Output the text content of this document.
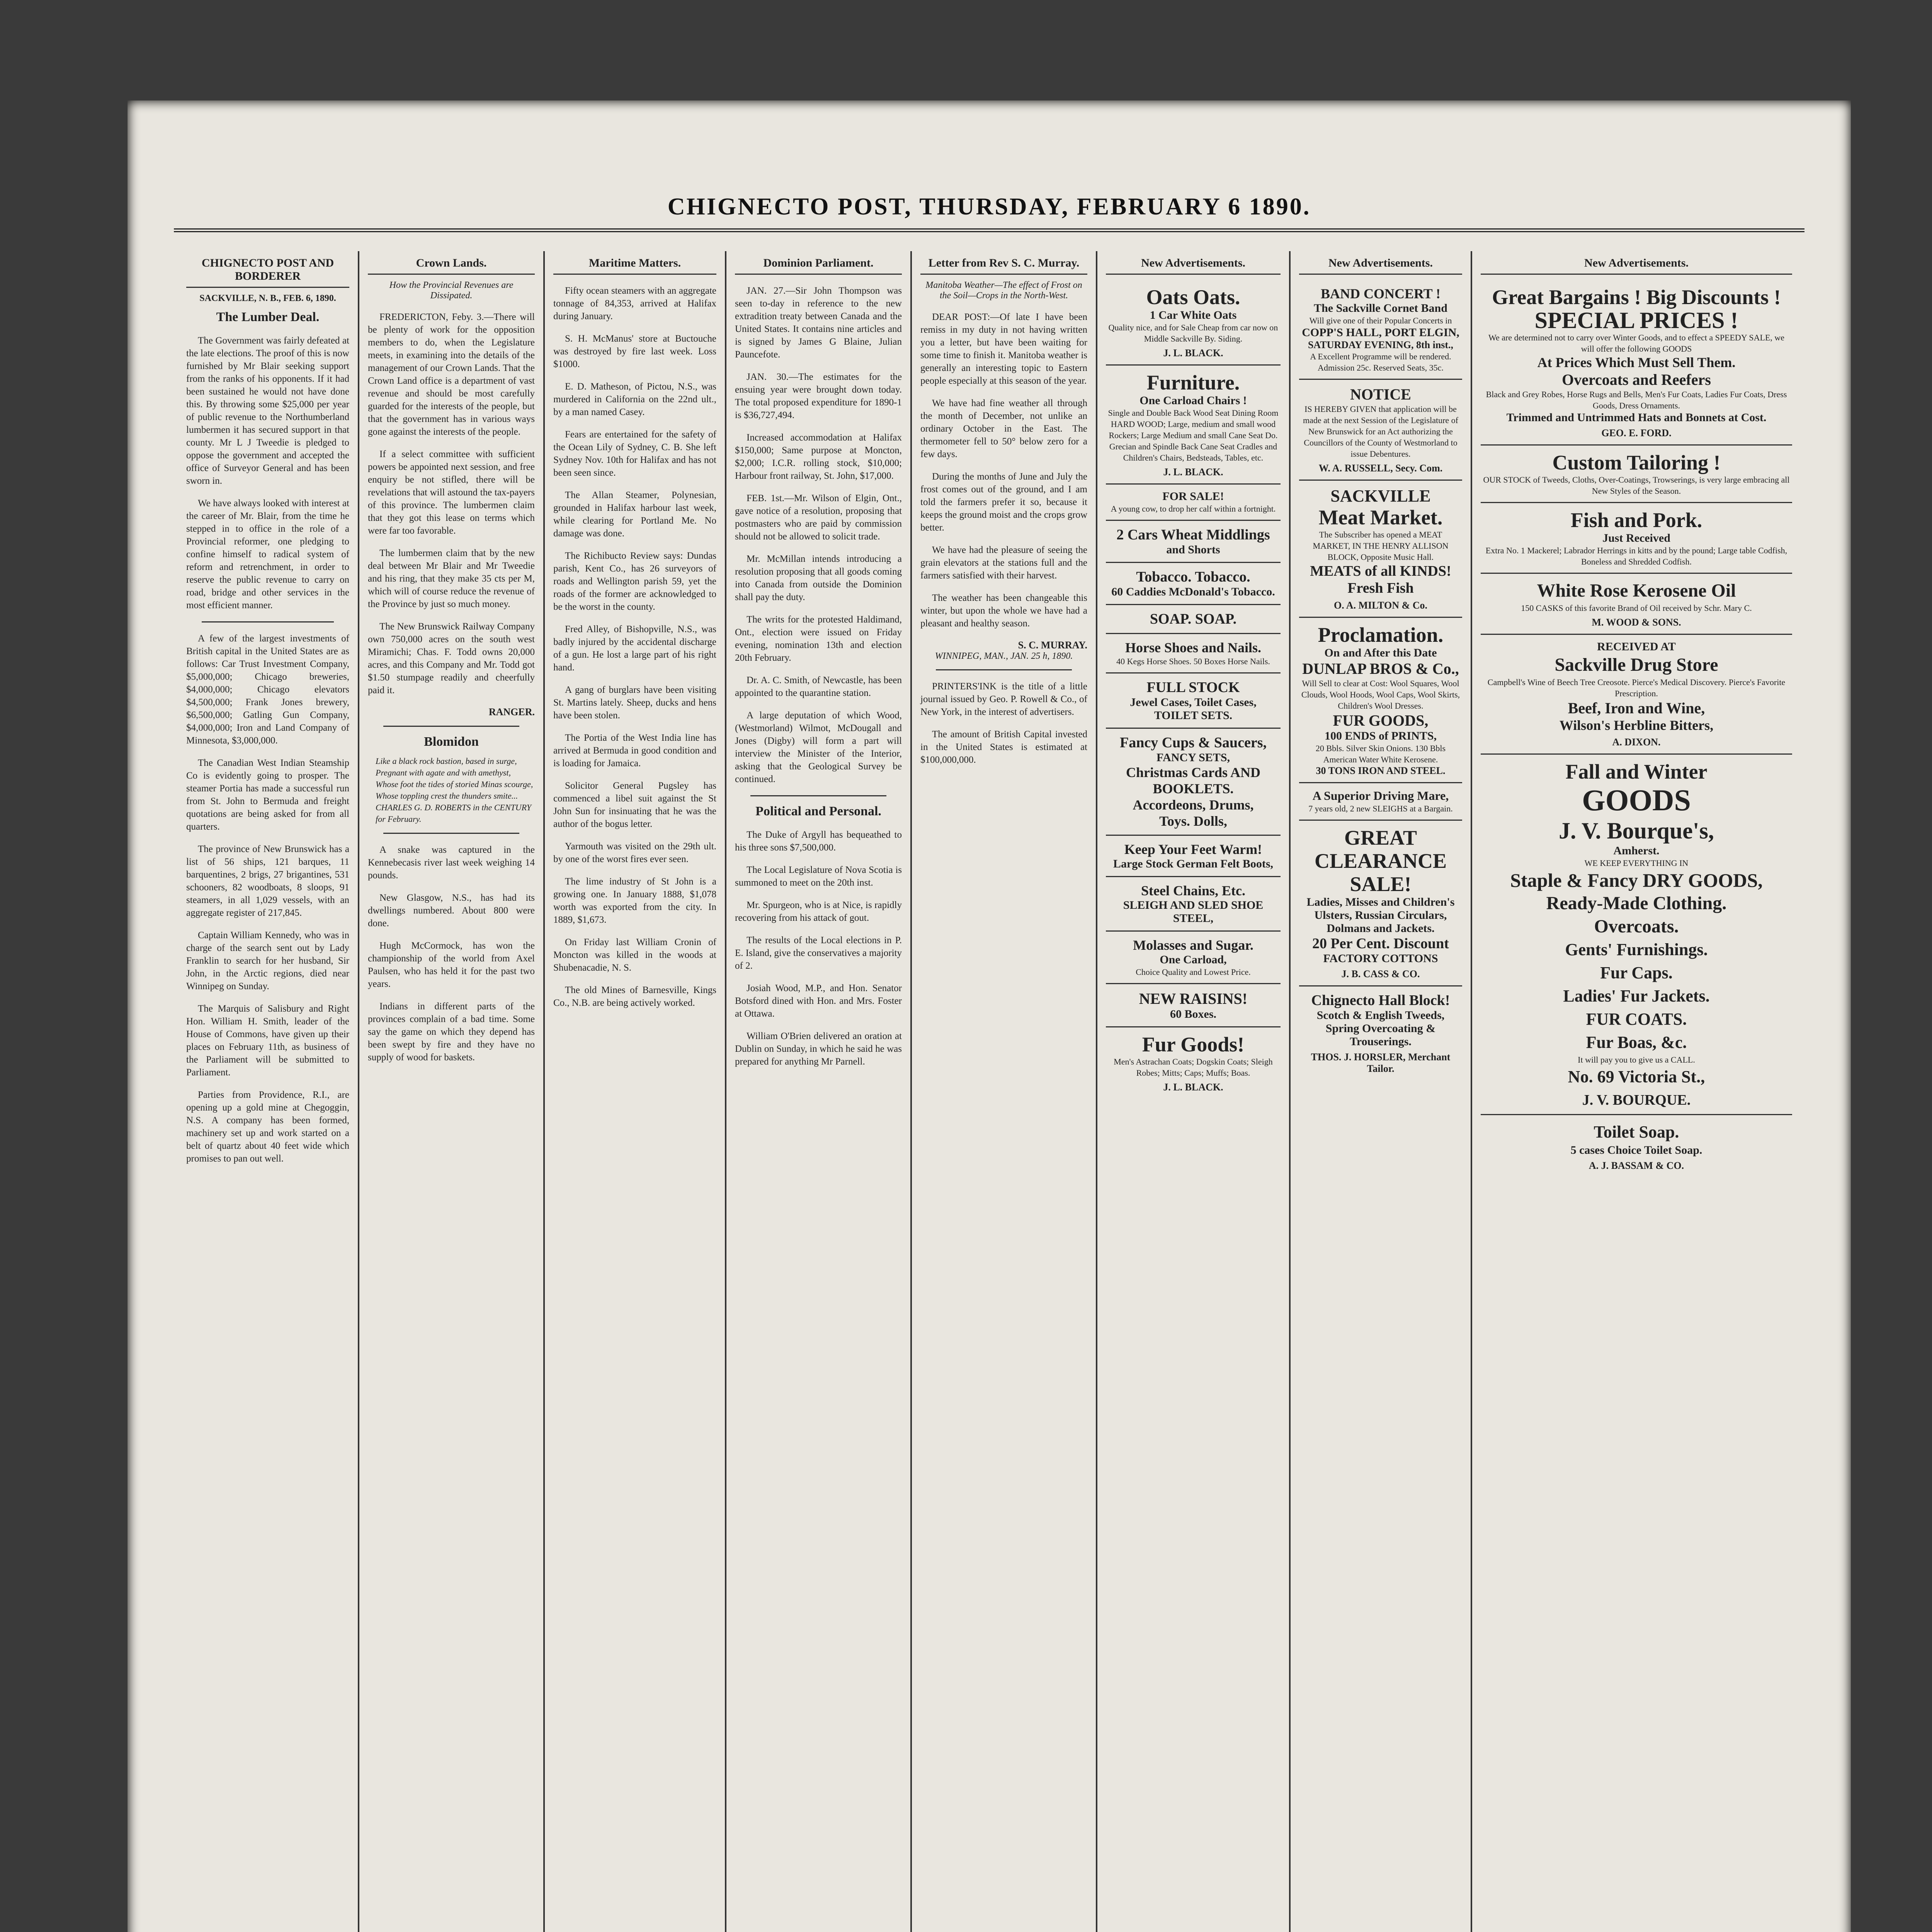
CHIGNECTO POST, THURSDAY, FEBRUARY 6 1890.
CHIGNECTO POST AND BORDERER
SACKVILLE, N. B., FEB. 6, 1890.
The Lumber Deal.

The Government was fairly defeated at the late elections. The proof of this is now furnished by Mr Blair seeking support from the ranks of his opponents. If it had been sustained he would not have done this. By throwing some $25,000 per year of public revenue to the Northumberland lumbermen it has secured support in that county. Mr L J Tweedie is pledged to oppose the government and accepted the office of Surveyor General and has been sworn in.

We have always looked with interest at the career of Mr. Blair, from the time he stepped in to office in the role of a Provincial reformer, one pledging to confine himself to radical system of reform and retrenchment, in order to reserve the public revenue to carry on road, bridge and other services in the most efficient manner.

A few of the largest investments of British capital in the United States are as follows: Car Trust Investment Company, $5,000,000; Chicago breweries, $4,000,000; Chicago elevators $4,500,000; Frank Jones brewery, $6,500,000; Gatling Gun Company, $4,000,000; Iron and Land Company of Minnesota, $3,000,000.

The Canadian West Indian Steamship Co is evidently going to prosper. The steamer Portia has made a successful run from St. John to Bermuda and freight quotations are being asked for from all quarters.

The province of New Brunswick has a list of 56 ships, 121 barques, 11 barquentines, 2 brigs, 27 brigantines, 531 schooners, 82 woodboats, 8 sloops, 91 steamers, in all 1,029 vessels, with an aggregate register of 217,845.

Captain William Kennedy, who was in charge of the search sent out by Lady Franklin to search for her husband, Sir John, in the Arctic regions, died near Winnipeg on Sunday.

The Marquis of Salisbury and Right Hon. William H. Smith, leader of the House of Commons, have given up their places on February 11th, as business of the Parliament will be submitted to Parliament.

Parties from Providence, R.I., are opening up a gold mine at Chegoggin, N.S. A company has been formed, machinery set up and work started on a belt of quartz about 40 feet wide which promises to pan out well.

Crown Lands.
How the Provincial Revenues are Dissipated.

FREDERICTON, Feby. 3.—There will be plenty of work for the opposition members to do, when the Legislature meets, in examining into the details of the management of our Crown Lands. That the Crown Land office is a department of vast revenue and should be most carefully guarded for the interests of the people, but that the government has in various ways gone against the interests of the people.

If a select committee with sufficient powers be appointed next session, and free enquiry be not stifled, there will be revelations that will astound the tax-payers of this province. The lumbermen claim that they got this lease on terms which were far too favorable.

The lumbermen claim that by the new deal between Mr Blair and Mr Tweedie and his ring, that they make 35 cts per M, which will of course reduce the revenue of the Province by just so much money.

The New Brunswick Railway Company own 750,000 acres on the south west Miramichi; Chas. F. Todd owns 20,000 acres, and this Company and Mr. Todd got $1.50 stumpage readily and cheerfully paid it.

RANGER.
Blomidon
Like a black rock bastion, based in surge,
Pregnant with agate and with amethyst,
Whose foot the tides of storied Minas scourge,
Whose toppling crest the thunders smite...
CHARLES G. D. ROBERTS in the CENTURY for February.

A snake was captured in the Kennebecasis river last week weighing 14 pounds.

New Glasgow, N.S., has had its dwellings numbered. About 800 were done.

Hugh McCormock, has won the championship of the world from Axel Paulsen, who has held it for the past two years.

Indians in different parts of the provinces complain of a bad time. Some say the game on which they depend has been swept by fire and they have no supply of wood for baskets.

Maritime Matters.

Fifty ocean steamers with an aggregate tonnage of 84,353, arrived at Halifax during January.

S. H. McManus' store at Buctouche was destroyed by fire last week. Loss $1000.

E. D. Matheson, of Pictou, N.S., was murdered in California on the 22nd ult., by a man named Casey.

Fears are entertained for the safety of the Ocean Lily of Sydney, C. B. She left Sydney Nov. 10th for Halifax and has not been seen since.

The Allan Steamer, Polynesian, grounded in Halifax harbour last week, while clearing for Portland Me. No damage was done.

The Richibucto Review says: Dundas parish, Kent Co., has 26 surveyors of roads and Wellington parish 59, yet the roads of the former are acknowledged to be the worst in the county.

Fred Alley, of Bishopville, N.S., was badly injured by the accidental discharge of a gun. He lost a large part of his right hand.

A gang of burglars have been visiting St. Martins lately. Sheep, ducks and hens have been stolen.

The Portia of the West India line has arrived at Bermuda in good condition and is loading for Jamaica.

Solicitor General Pugsley has commenced a libel suit against the St John Sun for insinuating that he was the author of the bogus letter.

Yarmouth was visited on the 29th ult. by one of the worst fires ever seen.

The lime industry of St John is a growing one. In January 1888, $1,078 worth was exported from the city. In 1889, $1,673.

On Friday last William Cronin of Moncton was killed in the woods at Shubenacadie, N. S.

The old Mines of Barnesville, Kings Co., N.B. are being actively worked.

Dominion Parliament.

JAN. 27.—Sir John Thompson was seen to-day in reference to the new extradition treaty between Canada and the United States. It contains nine articles and is signed by James G Blaine, Julian Pauncefote.

JAN. 30.—The estimates for the ensuing year were brought down today. The total proposed expenditure for 1890-1 is $36,727,494.

Increased accommodation at Halifax $150,000; Same purpose at Moncton, $2,000; I.C.R. rolling stock, $10,000; Harbour front railway, St. John, $17,000.

FEB. 1st.—Mr. Wilson of Elgin, Ont., gave notice of a resolution, proposing that postmasters who are paid by commission should not be allowed to solicit trade.

Mr. McMillan intends introducing a resolution proposing that all goods coming into Canada from outside the Dominion shall pay the duty.

The writs for the protested Haldimand, Ont., election were issued on Friday evening, nomination 13th and election 20th February.

Dr. A. C. Smith, of Newcastle, has been appointed to the quarantine station.

A large deputation of which Wood, (Westmorland) Wilmot, McDougall and Jones (Digby) will form a part will interview the Minister of the Interior, asking that the Geological Survey be continued.

Political and Personal.

The Duke of Argyll has bequeathed to his three sons $7,500,000.

The Local Legislature of Nova Scotia is summoned to meet on the 20th inst.

Mr. Spurgeon, who is at Nice, is rapidly recovering from his attack of gout.

The results of the Local elections in P. E. Island, give the conservatives a majority of 2.

Josiah Wood, M.P., and Hon. Senator Botsford dined with Hon. and Mrs. Foster at Ottawa.

William O'Brien delivered an oration at Dublin on Sunday, in which he said he was prepared for anything Mr Parnell.

Letter from Rev S. C. Murray.
Manitoba Weather—The effect of Frost on the Soil—Crops in the North-West.

DEAR POST:—Of late I have been remiss in my duty in not having written you a letter, but have been waiting for some time to finish it. Manitoba weather is generally an interesting topic to Eastern people especially at this season of the year.

We have had fine weather all through the month of December, not unlike an ordinary October in the East. The thermometer fell to 50° below zero for a few days.

During the months of June and July the frost comes out of the ground, and I am told the farmers prefer it so, because it keeps the ground moist and the crops grow better.

We have had the pleasure of seeing the grain elevators at the stations full and the farmers satisfied with their harvest.

The weather has been changeable this winter, but upon the whole we have had a pleasant and healthy season.

S. C. MURRAY.
WINNIPEG, MAN., JAN. 25 h, 1890.

PRINTERS'INK is the title of a little journal issued by Geo. P. Rowell & Co., of New York, in the interest of advertisers.

The amount of British Capital invested in the United States is estimated at $100,000,000.

New Advertisements.
Oats Oats.
1 Car White Oats
Quality nice, and for Sale Cheap from car now on Middle Sackville By. Siding.
J. L. BLACK.
Furniture.
One Carload Chairs !
Single and Double Back Wood Seat Dining Room HARD WOOD; Large, medium and small wood Rockers; Large Medium and small Cane Seat Do. Grecian and Spindle Back Cane Seat Cradles and Children's Chairs, Bedsteads, Tables, etc.
J. L. BLACK.
FOR SALE!
A young cow, to drop her calf within a fortnight.
2 Cars Wheat Middlings
and Shorts
Tobacco. Tobacco.
60 Caddies McDonald's Tobacco.
SOAP. SOAP.
Horse Shoes and Nails.
40 Kegs Horse Shoes. 50 Boxes Horse Nails.
FULL STOCK
Jewel Cases, Toilet Cases,
TOILET SETS.
Fancy Cups & Saucers,
FANCY SETS,
Christmas Cards AND BOOKLETS.
Accordeons, Drums,
Toys. Dolls,
Keep Your Feet Warm!
Large Stock German Felt Boots,
Steel Chains, Etc.
SLEIGH AND SLED SHOE STEEL,
Molasses and Sugar.
One Carload,
Choice Quality and Lowest Price.
NEW RAISINS!
60 Boxes.
Fur Goods!
Men's Astrachan Coats; Dogskin Coats; Sleigh Robes; Mitts; Caps; Muffs; Boas.
J. L. BLACK.
New Advertisements.
BAND CONCERT !
The Sackville Cornet Band
Will give one of their Popular Concerts in
COPP'S HALL, PORT ELGIN,
SATURDAY EVENING, 8th inst.,
A Excellent Programme will be rendered. Admission 25c. Reserved Seats, 35c.
NOTICE
IS HEREBY GIVEN that application will be made at the next Session of the Legislature of New Brunswick for an Act authorizing the Councillors of the County of Westmorland to issue Debentures.
W. A. RUSSELL, Secy. Com.
SACKVILLE
Meat Market.
The Subscriber has opened a MEAT MARKET, IN THE HENRY ALLISON BLOCK, Opposite Music Hall.
MEATS of all KINDS!
Fresh Fish
O. A. MILTON & Co.
Proclamation.
On and After this Date
DUNLAP BROS & Co.,
Will Sell to clear at Cost: Wool Squares, Wool Clouds, Wool Hoods, Wool Caps, Wool Skirts, Children's Wool Dresses.
FUR GOODS,
100 ENDS of PRINTS,
20 Bbls. Silver Skin Onions. 130 Bbls American Water White Kerosene.
30 TONS IRON AND STEEL.
A Superior Driving Mare,
7 years old, 2 new SLEIGHS at a Bargain.
GREAT CLEARANCE SALE!
Ladies, Misses and Children's
Ulsters, Russian Circulars, Dolmans and Jackets.
20 Per Cent. Discount
FACTORY COTTONS
J. B. CASS & CO.
Chignecto Hall Block!
Scotch & English Tweeds,
Spring Overcoating & Trouserings.
THOS. J. HORSLER, Merchant Tailor.
New Advertisements.
Great Bargains ! Big Discounts !
SPECIAL PRICES !
We are determined not to carry over Winter Goods, and to effect a SPEEDY SALE, we will offer the following GOODS
At Prices Which Must Sell Them.
Overcoats and Reefers
Black and Grey Robes, Horse Rugs and Bells, Men's Fur Coats, Ladies Fur Coats, Dress Goods, Dress Ornaments.
Trimmed and Untrimmed Hats and Bonnets at Cost.
GEO. E. FORD.
Custom Tailoring !
OUR STOCK of Tweeds, Cloths, Over-Coatings, Trowserings, is very large embracing all New Styles of the Season.
Fish and Pork.
Just Received
Extra No. 1 Mackerel; Labrador Herrings in kitts and by the pound; Large table Codfish, Boneless and Shredded Codfish.
White Rose Kerosene Oil
150 CASKS of this favorite Brand of Oil received by Schr. Mary C.
M. WOOD & SONS.
RECEIVED AT
Sackville Drug Store
Campbell's Wine of Beech Tree Creosote. Pierce's Medical Discovery. Pierce's Favorite Prescription.
Beef, Iron and Wine,
Wilson's Herbline Bitters,
A. DIXON.
Fall and Winter
GOODS
J. V. Bourque's,
Amherst.
WE KEEP EVERYTHING IN
Staple & Fancy DRY GOODS,
Ready-Made Clothing.
Overcoats.
Gents' Furnishings.
Fur Caps.
Ladies' Fur Jackets.
FUR COATS.
Fur Boas, &c.
It will pay you to give us a CALL.
No. 69 Victoria St.,
J. V. BOURQUE.
Toilet Soap.
5 cases Choice Toilet Soap.
A. J. BASSAM & CO.
